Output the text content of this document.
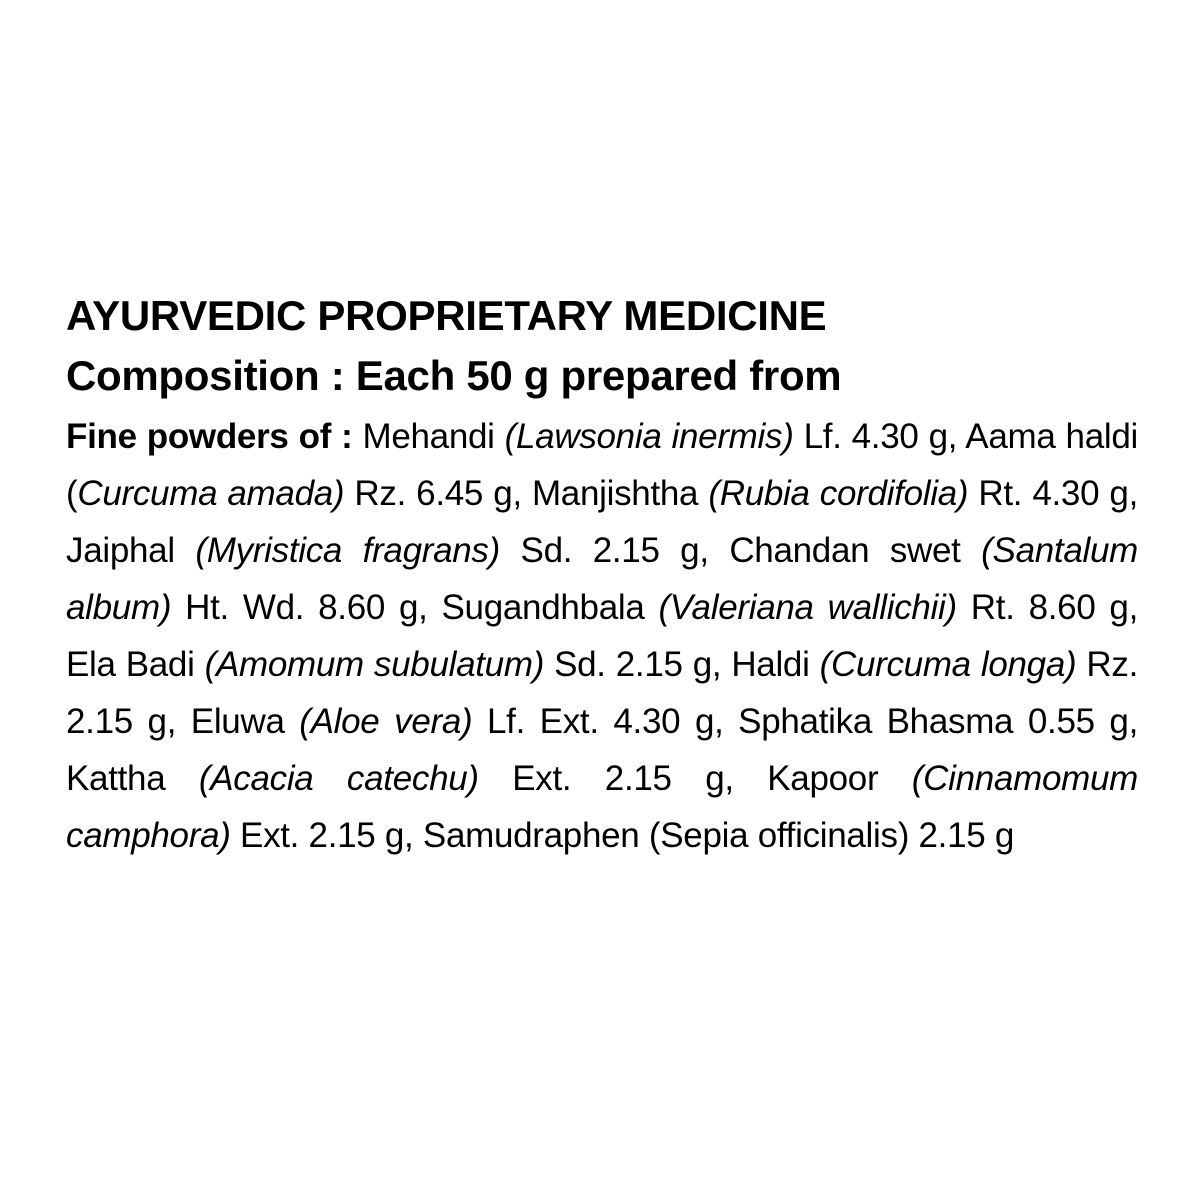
AYURVEDIC PROPRIETARY MEDICINE
Composition : Each 50 g prepared from

Fine powders of : Mehandi (Lawsonia inermis) Lf. 4.30 g, Aama haldi (Curcuma amada) Rz. 6.45 g, Manjishtha (Rubia cordifolia) Rt. 4.30 g, Jaiphal (Myristica fragrans) Sd. 2.15 g, Chandan swet (Santalum album) Ht. Wd. 8.60 g, Sugandhbala (Valeriana wallichii) Rt. 8.60 g, Ela Badi (Amomum subulatum) Sd. 2.15 g, Haldi (Curcuma longa) Rz. 2.15 g, Eluwa (Aloe vera) Lf. Ext. 4.30 g, Sphatika Bhasma 0.55 g, Kattha (Acacia catechu) Ext. 2.15 g, Kapoor (Cinnamomum camphora) Ext. 2.15 g, Samudraphen (Sepia officinalis) 2.15 g
